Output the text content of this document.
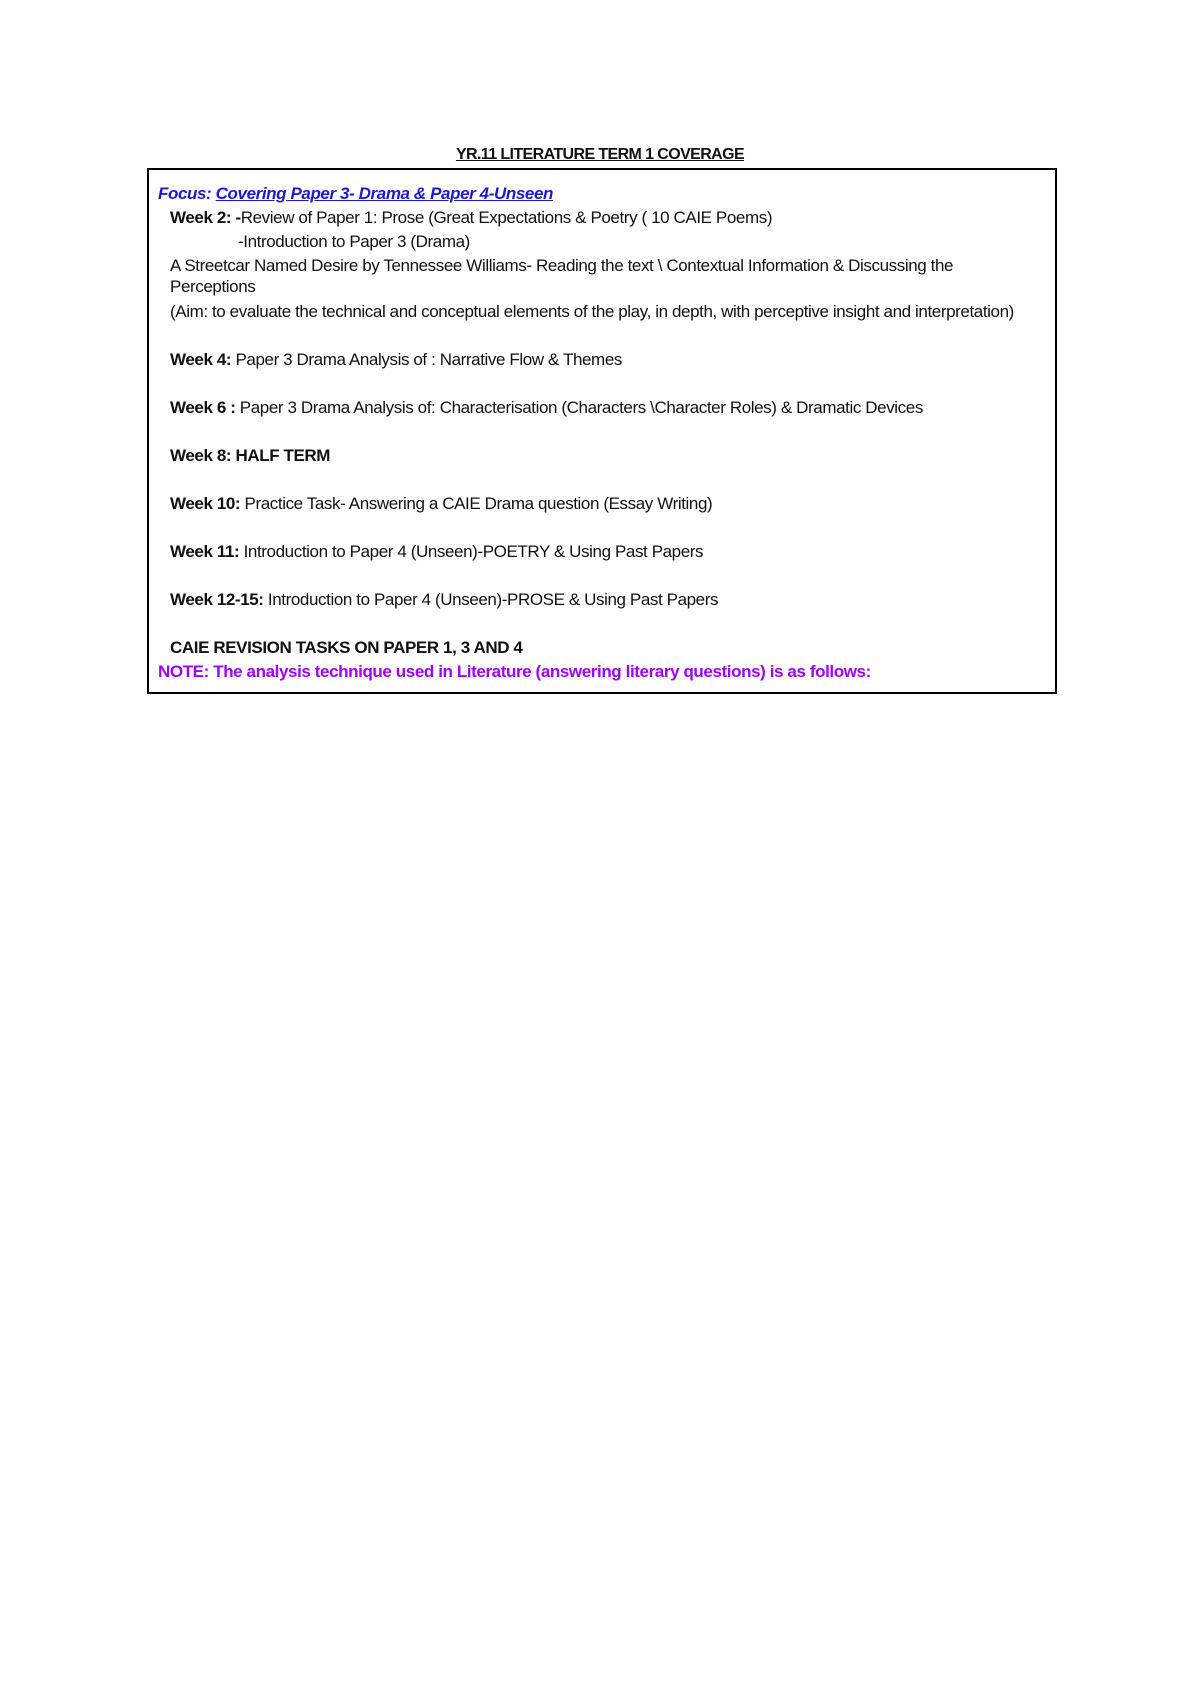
YR.11 LITERATURE TERM 1 COVERAGE
Focus: Covering Paper 3- Drama & Paper 4-Unseen
Week 2: -Review of Paper 1: Prose (Great Expectations & Poetry ( 10 CAIE Poems)
-Introduction to Paper 3 (Drama)
A Streetcar Named Desire by Tennessee Williams- Reading the text \ Contextual Information & Discussing the
Perceptions
(Aim: to evaluate the technical and conceptual elements of the play, in depth, with perceptive insight and interpretation)
Week 4: Paper 3 Drama Analysis of : Narrative Flow & Themes
Week 6 : Paper 3 Drama Analysis of: Characterisation (Characters \Character Roles) & Dramatic Devices
Week 8: HALF TERM
Week 10: Practice Task- Answering a CAIE Drama question (Essay Writing)
Week 11: Introduction to Paper 4 (Unseen)-POETRY & Using Past Papers
Week 12-15: Introduction to Paper 4 (Unseen)-PROSE & Using Past Papers
CAIE REVISION TASKS ON PAPER 1, 3 AND 4
NOTE: The analysis technique used in Literature (answering literary questions) is as follows:
